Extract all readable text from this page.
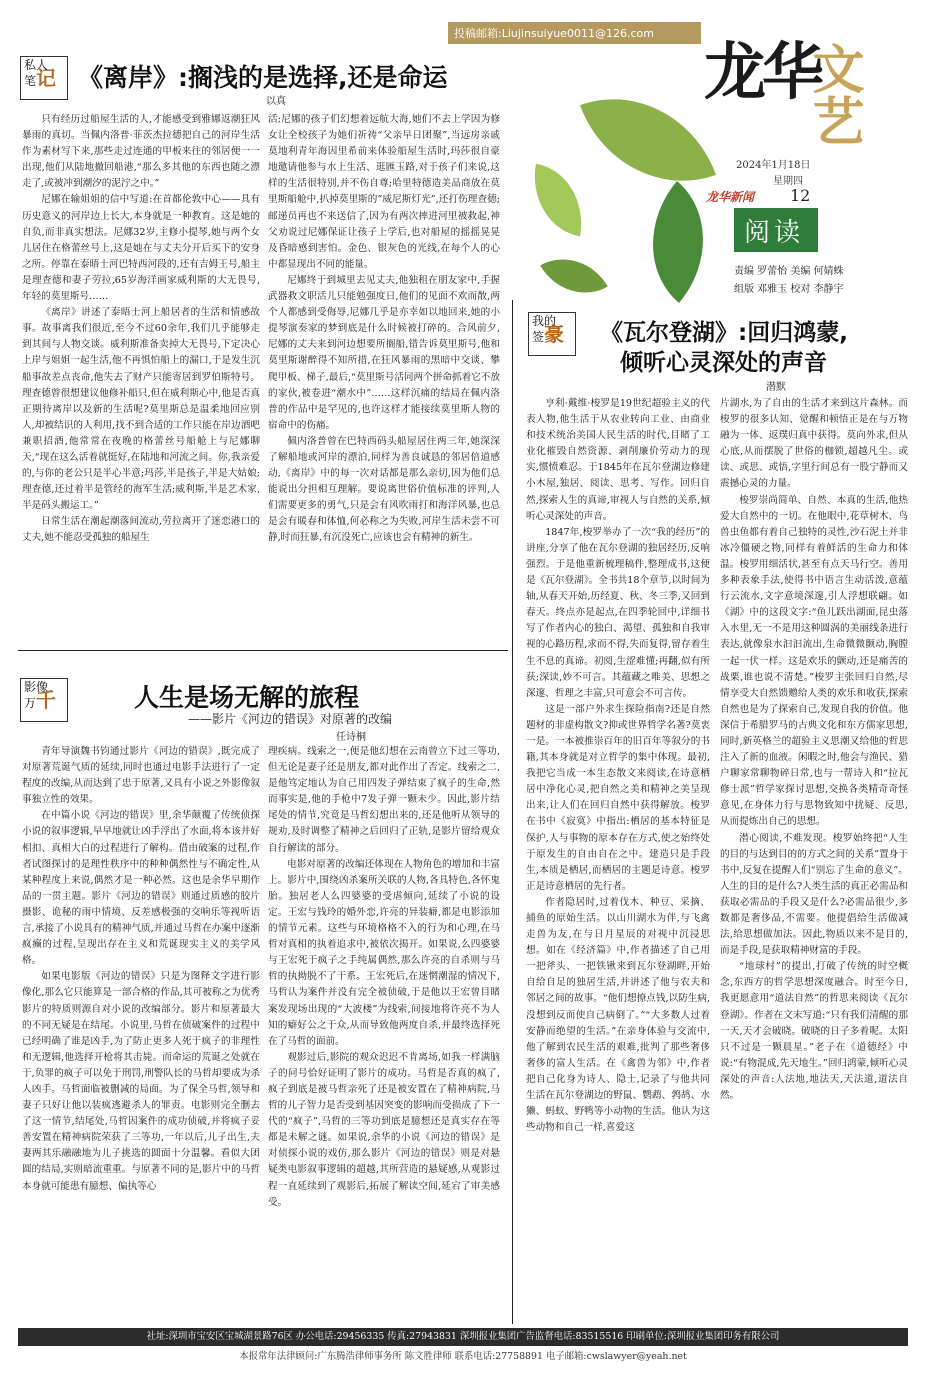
投稿邮箱:Liujinsuiyue0011@126.com
龙华
文艺
2024年1月18日
星期四
龙华新闻 12
阅读
责编 罗蕾怡 美编 何婧蛛
组版 邓雅玉 校对 李静宇
私人
笔记 《离岸》:搁浅的是选择,还是命运
以真

只有经历过船屋生活的人,才能感受到雅娜返潮狂风暴雨的真切。当佩内洛普·菲茨杰拉德把自己的河岸生活作为素材写下来,那些走过连通的甲板来往的邻居便一一出现,他们从陆地撤回船港,“那么多其他的东西也随之漂走了,或被冲到潮汐的泥泞之中。”

尼娜在输姐姐的信中写道:在首都伦敦中心——具有历史意义的河岸边上长大,本身就是一种教育。这是她的自负,而非真实想法。尼娜32岁,主修小提琴,她与两个女儿居住在格蕾丝号上,这是她在与丈夫分开后买下的安身之所。停靠在泰晤士河巴特西河段的,还有吉姆王号,船主是理查德和妻子劳拉,65岁海洋画家威利斯的大无畏号,年轻的莫里斯号……

《离岸》讲述了泰晤士河上船居者的生活和情感故事。故事离我们很近,至今不过60余年,我们几乎能够走到其间与人物交谈。威利斯准备卖掉大无畏号,下定决心上岸与姐姐一起生活,他不再惧怕船上的漏口,于是发生沉船事故差点丧命,他失去了财产只能寄居到罗伯斯特号。理查德曾很想建议他修补船只,但在威利斯心中,他是否真正期待离岸以及新的生活呢?莫里斯总是温柔地回应别人,却被结识的人利用,找不到合适的工作只能在岸边酒吧兼职招酒,他常常在夜晚的格蕾丝号船舱上与尼娜聊天,“现在这么活着就挺好,在陆地和河流之间。你,我亲爱的,与你的老公只是半心半意;玛莎,半是孩子,半是大姑娘;理查德,还过着半是管经的海军生活;威利斯,半是艺术家,半是码头搬运工。”

日常生活在潮起潮落间流动,劳拉离开了迷恋港口的丈夫,她不能忍受孤独的船屋生

活;尼娜的孩子们幻想着远航大海,她们不去上学因为修女让全校孩子为她们祈祷“父亲早日团聚”,当远房亲戚莫地利青年海因里希前来体验船屋生活时,玛莎很自豪地邀请他参与水上生活、逛匯玉路,对于孩子们来说,这样的生活很特别,并不伤自尊;哈里特德造美品商放在莫里斯船舱中,扒掉莫里斯的”威尼斯灯光”,还打伤理查德;邮递员再也不来送信了,因为有两次摔进河里被救起,神父劝说过尼娜保证让孩子上学后,也对船屋的摇摇晃晃及昏暗感到害怕。金色、银灰色的光线,在每个人的心中都显现出不同的能量。

尼娜终于到城里去见丈夫,他独租在朋友家中,手握武器救文职活儿只能勉强度日,他们的见面不欢而散,两个人都感到受侮辱,尼娜几乎是亦幸如以地回来,她的小提琴演奏家的梦到底是什么时候被打碎的。合风前夕,尼娜的丈夫来到河边想要所搁船,错告诉莫里斯号,他和莫里斯谢醉得不知所措,在狂风暴雨的黑暗中交谈、攀爬甲板、梯子,最后,“莫里斯号活同两个拼命抓着它不放的家伙,被卷进“潮水中”……这样沉痛的结局在佩内洛普的作品中是罕见的,也许这样才能接续莫里斯人物的宿命中的伤痛。

佩内洛普曾在巴特西码头船屋居住两三年,她深深了解船地或河岸的漂泊,同样为善良诚恳的邻居倍道感动,《离岸》中的每一次对话都是那么亲切,因为他们总能说出分担相互理解。要说离世俗价值标准的评判,人们需要更多的勇气,只是会有风吹雨打和海洋风暴,也总是会有暖春和体恤,何必称之为失败,河岸生活未尝不可静,时而狂暴,有沉没死亡,应该也会有精神的新生。

影像
万千	人生是场无解的旅程
——影片《河边的错误》对原著的改编
任诗桐

青年导演魏书钧通过影片《河边的错误》,既完成了对原著荒诞气质的延续,同时也通过电影手法进行了一定程度的改编,从而达到了忠于原著,又具有小说之外影像叙事独立性的效果。

在中篇小说《河边的错误》里,余华颠覆了传统侦探小说的叙事逻辑,早早地就让凶手浮出了水面,将本该井好相扣、真相大白的过程进行了解构。借由破案的过程,作者试图探讨的是理性秩序中的种种偶然性与不确定性,从某种程度上来说,偶然才是一种必然。这也是余华早期作品的一贯主题。影片《河边的错误》则通过质感的胶片摄影、诡秘的雨中情境、反差感极强的交响乐等视听语言,承接了小说具有的精神气质,并通过马哲在办案中逐渐疯癫的过程,呈现出存在主义和荒诞现实主义的美学风格。

如果电影版《河边的错误》只是为图释文字进行影像化,那么它只能算是一部合格的作品,其可被称之为优秀影片的特质则源自对小说的改编部分。影片和原著最大的不同无疑是在结尾。小说里,马哲在侦破案件的过程中已经明确了谁是凶手,为了防止更多人死于疯子的非理性和无逻辑,他选择开枪将其击毙。而命运的荒诞之处就在于,负罪的疯子可以免于刑罚,刑警队长的马哲却要成为杀人凶手。马哲面临被删减的局面。为了保全马哲,领导和妻子只好让他以装疯逃避杀人的罪责。电影则完全删去了这一情节,结尾处,马哲因案件的成功侦破,并将疯子妥善安置在精神病院荣获了三等功,一年以后,儿子出生,夫妻两其乐融融地为儿子挑选的圆面十分温馨。看似大团圆的结局,实则暗流重重。与原著不同的是,影片中的马哲本身就可能患有臆想、偏执等心

理疾病。线索之一,便是他幻想在云南曾立下过三等功,但无论是妻子还是朋友,都对此作出了否定。线索之二,是他笃定地认为自己用四发子弹结束了疯子的生命,然而事实是,他的手枪中7发子弹一颗未少。因此,影片结尾处的情节,究竟是马哲幻想出来的,还是他听从领导的规劝,及时调整了精神之后回归了正轨,是影片留给观众自行解读的部分。

电影对原著的改编还体现在人物角色的增加和丰富上。影片中,围绕凶杀案所关联的人物,各具特色,各怀鬼胎。独居老人么四婆婆的受虐倾向,延续了小说的设定。王宏与钱玲的婚外恋,许亮的异装癖,都是电影添加的情节元素。这些与环境格格不入的行为和心理,在马哲对真相的执着追求中,被依次揭开。如果说,么四婆婆与王宏死于疯子之手纯属偶然,那么许亮的自杀则与马哲的执拗脱不了干系。王宏死后,在迷惘潮湿的情况下,马哲认为案件并没有完全被侦破,于是他以王宏曾目睹案发现场出现的“大波楼”为线索,间接地将许亮不为人知的癖好公之于众,从而导致他两度自杀,并最终选择死在了马哲的面前。

观影过后,影院的观众迟迟不肯离场,如我一样满脑子的问号恰好证明了影片的成功。马哲是否真的疯了,疯子到底是被马哲亲死了还是被安置在了精神病院,马哲的儿子智力是否受到基因突变的影响而受损成了下一代的“疯子”,马哲的三等功到底是臆想还是真实存在等都是未解之谜。如果说,余华的小说《河边的错误》是对侦探小说的戏仿,那么影片《河边的错误》则是对悬疑类电影叙事逻辑的超越,其所营造的悬疑感,从观影过程一直延续到了观影后,拓展了解读空间,延宕了审美感受。

我的
签豪	《瓦尔登湖》:回归鸿蒙,
倾听心灵深处的声音
潜默

亨利·戴维·梭罗是19世纪超验主义的代表人物,他生活于从农业转向工业、由商业和技术统治美国人民生活的时代,目睹了工业化摧毁自然资源、剥削廉价劳动力的现实,惯愤难忍。于1845年在瓦尔登湖边修建小木屋,独居、阅读、思考、写作。回归自然,探索人生的真谛,审视人与自然的关系,倾听心灵深处的声音。

1847年,梭罗举办了一次“我的经历”的讲座,分享了他在瓦尔登湖的独居经历,反响强烈。于是他重新梳理稿件,整理成书,这便是《瓦尔登湖》。全书共18个章节,以时间为轴,从春天开始,历经夏、秋、冬三季,又回到春天。终点亦是起点,在四季轮回中,详细书写了作者内心的独白、渴望、孤独和自我审视的心路历程,求而不得,失而复得,留存着生生不息的真谛。初阅,生涩难懂;再翻,似有所获;深读,妙不可言。其蕴藏之唯美、思想之深邃、哲理之丰富,只可意会不可言传。

这是一部户外求生探险指南?还是自然题材的非虚构散文?抑或世界哲学名著?莫衷一是。一本被推崇百年的旧百年等叙分的书籍,其本身就是对立哲学的集中体现。最初,我把它当成一本生态散文来阅读,在诗意栖居中净化心灵,把自然之美和精神之美呈现出来,让人们在回归自然中获得解放。梭罗在书中《寂寞》中指出:栖居的基本特征是保护,人与事物的原本存在方式,使之始终处于原发生的自由自在之中。建造只是手段生,本质是栖居,而栖居的主题是诗意。梭罗正是诗意栖居的先行者。

作者隐居时,过着伐木、种豆、采摘、捕鱼的原始生活。以山川湖水为伴,与飞禽走兽为友,在与日月星辰的对视中沉浸思想。如在《经济篇》中,作者描述了自己用一把斧头、一把铁锹来到瓦尔登湖畔,开始自给自足的独居生活,并讲述了他与农夫和邻居之间的故事。“他们想撩点钱,以防生病,没想到反而使自己病倒了。”“大多数人过着安静而绝望的生活。”在亲身体验与交流中,他了解到农民生活的艰难,批判了那些奢侈奢侈的富人生活。在《禽兽为邻》中,作者把自己化身为诗人、隐士,记录了与他共同生活在瓦尔登湖边的野鼠、鹦鹉、鹁鸪、水獭、蚂蚁、野鸭等小动物的生活。他认为这些动物和自己一样,喜爱这

片湖水,为了自由的生活才来到这片森林。而梭罗的很多认知、觉醒和顿悟正是在与万物融为一体、返璞归真中获得。莫向外求,但从心底,从而摆脱了世俗的枷锁,超越凡尘。或读、或思、或悟,字里行间总有一股宁静而又震撼心灵的力量。

梭罗崇尚简单、自然、本真的生活,他热爱大自然中的一切。在他眼中,花草树木、鸟兽虫鱼都有着自己独特的灵性,沙石泥土并非冰冷僵硬之物,同样有着鲜活的生命力和体温。梭罗用细活状,甚至有点天马行空。善用多种表象手法,使得书中语言生动活泼,意蕴行云流水,文字意境深邃,引人浮想联翩。如《湖》中的这段文字:“鱼儿跃出湖面,昆虫落入水里,无一不是用这种圆涡的美丽线条进行表达,就像泉水汩汩流出,生命微微颤动,胸膛一起一伏一样。这是欢乐的颤动,还是痛苦的战栗,谁也说不清楚。”梭罗主张回归自然,尽情享受大自然馈赠给人类的欢乐和收获,探索自然也是为了探索自己,发现自我的价值。他深信于希腊罗马的古典文化和东方儒家思想,同时,新英格兰的超验主义思潮又给他的哲思注入了新的血液。闲暇之时,他会与渔民、猎户聊家常聊物碎日常,也与一帮诗人和“拉瓦修士派”哲学家探讨思想,交换各类精奇奇怪意见,在身体力行与思物致知中扰疑、反思,从而提炼出自己的思想。

潜心阅读,不难发现。梭罗始终把“人生的目的与达到目的的方式之间的关系”置身于书中,反复在提醒人们“别忘了生命的意义”。人生的目的是什么?人类生活的真正必需品和获取必需品的手段又是什么?必需品很少,多数都是奢侈品,不需要。他提倡给生活做减法,给思想做加法。因此,物质以来不是目的,而是手段,是获取精神财富的手段。

“地球村”的提出,打破了传统的时空概念,东西方的哲学思想深度融合。时至今日,我更愿意用“道法自然”的哲思来阅读《瓦尔登湖》。作者在文末写道:“只有我们清醒的那一天,天才会破晓。破晓的日子多着呢。太阳只不过是一颗晨星。”老子在《道德经》中说:“有物混成,先天地生。”回归鸿蒙,倾听心灵深处的声音:人法地,地法天,天法道,道法自然。

社址:深圳市宝安区宝城湖景路76区 办公电话:29456335 传真:27943831 深圳报业集团广告监督电话:83515516 印刷单位:深圳报业集团印务有限公司
本报常年法律顾问:广东腾浩律师事务所 陈文胜律师 联系电话:27758891 电子邮箱:cwslawyer@yeah.net
